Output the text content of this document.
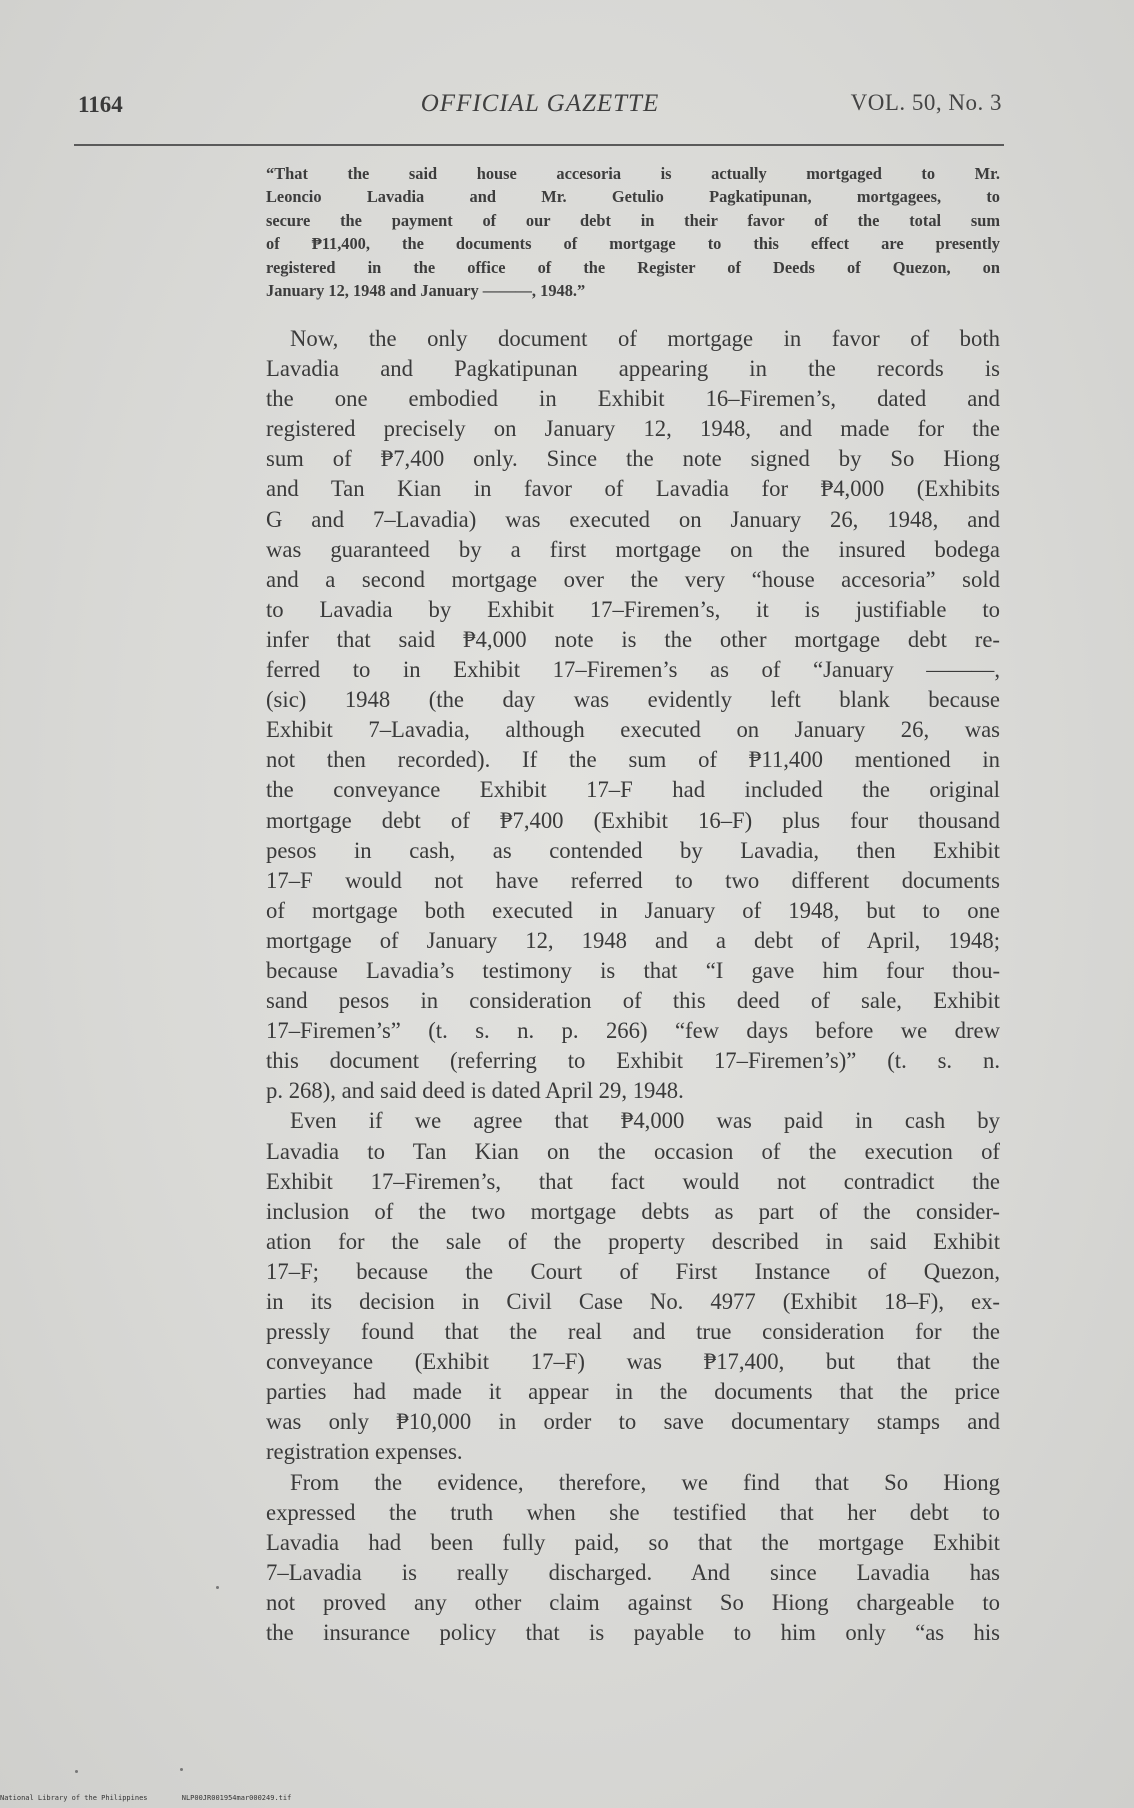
1164	OFFICIAL GAZETTE	VOL. 50, No. 3
“That the said house accesoria is actually mortgaged to Mr.
Leoncio Lavadia and Mr. Getulio Pagkatipunan, mortgagees, to
secure the payment of our debt in their favor of the total sum
of ₱11,400, the documents of mortgage to this effect are presently
registered in the office of the Register of Deeds of Quezon, on
January 12, 1948 and January ———, 1948.”
Now, the only document of mortgage in favor of both
Lavadia and Pagkatipunan appearing in the records is
the one embodied in Exhibit 16–Firemen’s, dated and
registered precisely on January 12, 1948, and made for the
sum of ₱7,400 only. Since the note signed by So Hiong
and Tan Kian in favor of Lavadia for ₱4,000 (Exhibits
G and 7–Lavadia) was executed on January 26, 1948, and
was guaranteed by a first mortgage on the insured bodega
and a second mortgage over the very “house accesoria” sold
to Lavadia by Exhibit 17–Firemen’s, it is justifiable to
infer that said ₱4,000 note is the other mortgage debt re-
ferred to in Exhibit 17–Firemen’s as of “January ———,
(sic) 1948 (the day was evidently left blank because
Exhibit 7–Lavadia, although executed on January 26, was
not then recorded). If the sum of ₱11,400 mentioned in
the conveyance Exhibit 17–F had included the original
mortgage debt of ₱7,400 (Exhibit 16–F) plus four thousand
pesos in cash, as contended by Lavadia, then Exhibit
17–F would not have referred to two different documents
of mortgage both executed in January of 1948, but to one
mortgage of January 12, 1948 and a debt of April, 1948;
because Lavadia’s testimony is that “I gave him four thou-
sand pesos in consideration of this deed of sale, Exhibit
17–Firemen’s” (t. s. n. p. 266) “few days before we drew
this document (referring to Exhibit 17–Firemen’s)” (t. s. n.
p. 268), and said deed is dated April 29, 1948.
Even if we agree that ₱4,000 was paid in cash by
Lavadia to Tan Kian on the occasion of the execution of
Exhibit 17–Firemen’s, that fact would not contradict the
inclusion of the two mortgage debts as part of the consider-
ation for the sale of the property described in said Exhibit
17–F; because the Court of First Instance of Quezon,
in its decision in Civil Case No. 4977 (Exhibit 18–F), ex-
pressly found that the real and true consideration for the
conveyance (Exhibit 17–F) was ₱17,400, but that the
parties had made it appear in the documents that the price
was only ₱10,000 in order to save documentary stamps and
registration expenses.
From the evidence, therefore, we find that So Hiong
expressed the truth when she testified that her debt to
Lavadia had been fully paid, so that the mortgage Exhibit
7–Lavadia is really discharged. And since Lavadia has
not proved any other claim against So Hiong chargeable to
the insurance policy that is payable to him only “as his
National Library of the Philippines	NLP00JR001954mar000249.tif
